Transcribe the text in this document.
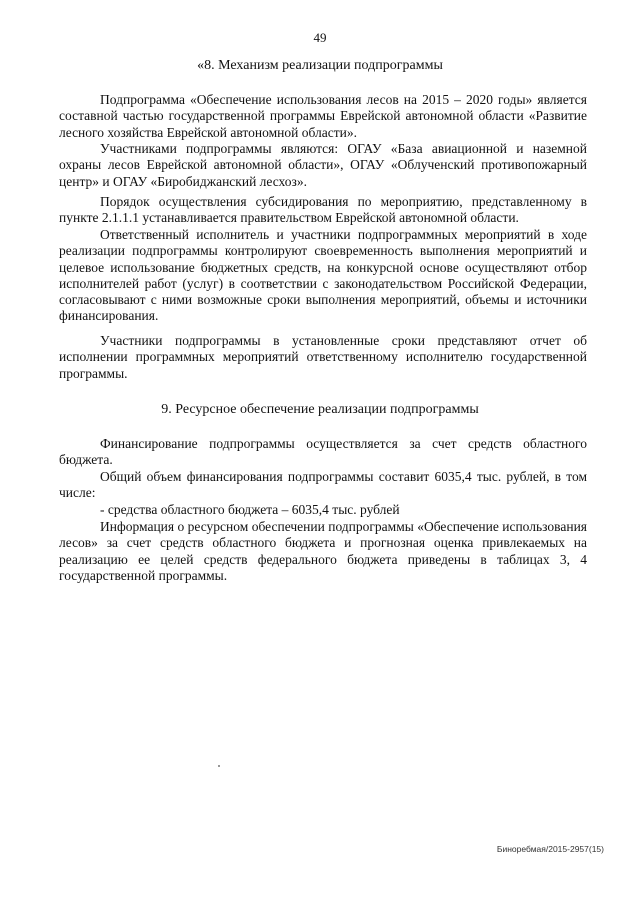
49
«8. Механизм реализации подпрограммы

Подпрограмма «Обеспечение использования лесов на 2015 – 2020 годы» является составной частью государственной программы Еврейской автономной области «Развитие лесного хозяйства Еврейской автономной области».

Участниками подпрограммы являются: ОГАУ «База авиационной и наземной охраны лесов Еврейской автономной области», ОГАУ «Облученский противопожарный центр» и ОГАУ «Биробиджанский лесхоз».

Порядок осуществления субсидирования по мероприятию, представленному в пункте 2.1.1.1 устанавливается правительством Еврейской автономной области.

Ответственный исполнитель и участники подпрограммных мероприятий в ходе реализации подпрограммы контролируют своевременность выполнения мероприятий и целевое использование бюджетных средств, на конкурсной основе осуществляют отбор исполнителей работ (услуг) в соответствии с законодательством Российской Федерации, согласовывают с ними возможные сроки выполнения мероприятий, объемы и источники финансирования.

Участники подпрограммы в установленные сроки представляют отчет об исполнении программных мероприятий ответственному исполнителю государственной программы.

9. Ресурсное обеспечение реализации подпрограммы

Финансирование подпрограммы осуществляется за счет средств областного бюджета.

Общий объем финансирования подпрограммы составит 6035,4 тыс. рублей, в том числе:

- средства областного бюджета – 6035,4 тыс. рублей

Информация о ресурсном обеспечении подпрограммы «Обеспечение использования лесов» за счет средств областного бюджета и прогнозная оценка привлекаемых на реализацию ее целей средств федерального бюджета приведены в таблицах 3, 4 государственной программы.

Биноребмая/2015-2957(15)
